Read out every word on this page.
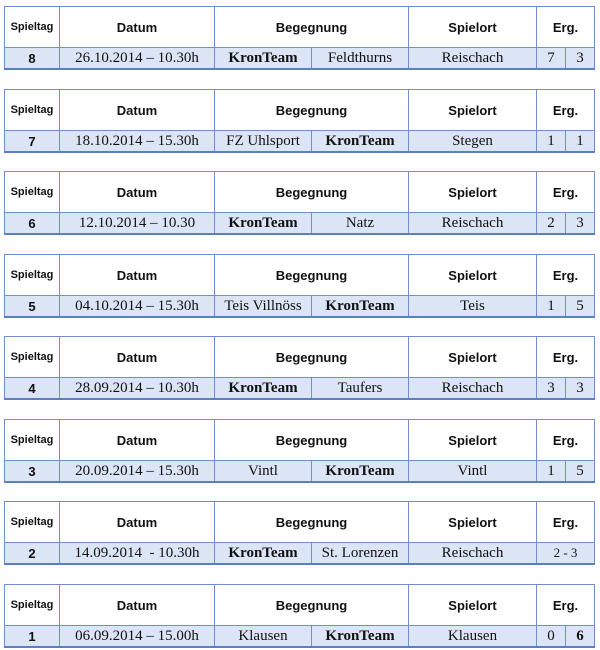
Spieltag	Datum	Begegnung		Spielort	Erg.	
8	26.10.2014 – 10.30h	KronTeam	Feldthurns	Reischach	7	3
Spieltag	Datum	Begegnung		Spielort	Erg.	
7	18.10.2014 – 15.30h	FZ Uhlsport	KronTeam	Stegen	1	1
Spieltag	Datum	Begegnung		Spielort	Erg.	
6	12.10.2014 – 10.30	KronTeam	Natz	Reischach	2	3
Spieltag	Datum	Begegnung		Spielort	Erg.	
5	04.10.2014 – 15.30h	Teis Villnöss	KronTeam	Teis	1	5
Spieltag	Datum	Begegnung		Spielort	Erg.	
4	28.09.2014 – 10.30h	KronTeam	Taufers	Reischach	3	3
Spieltag	Datum	Begegnung		Spielort	Erg.	
3	20.09.2014 – 15.30h	Vintl	KronTeam	Vintl	1	5
Spieltag	Datum	Begegnung		Spielort	Erg.
2	14.09.2014  - 10.30h	KronTeam	St. Lorenzen	Reischach	2 - 3
Spieltag	Datum	Begegnung		Spielort	Erg.	
1	06.09.2014 – 15.00h	Klausen	KronTeam	Klausen	0	6
